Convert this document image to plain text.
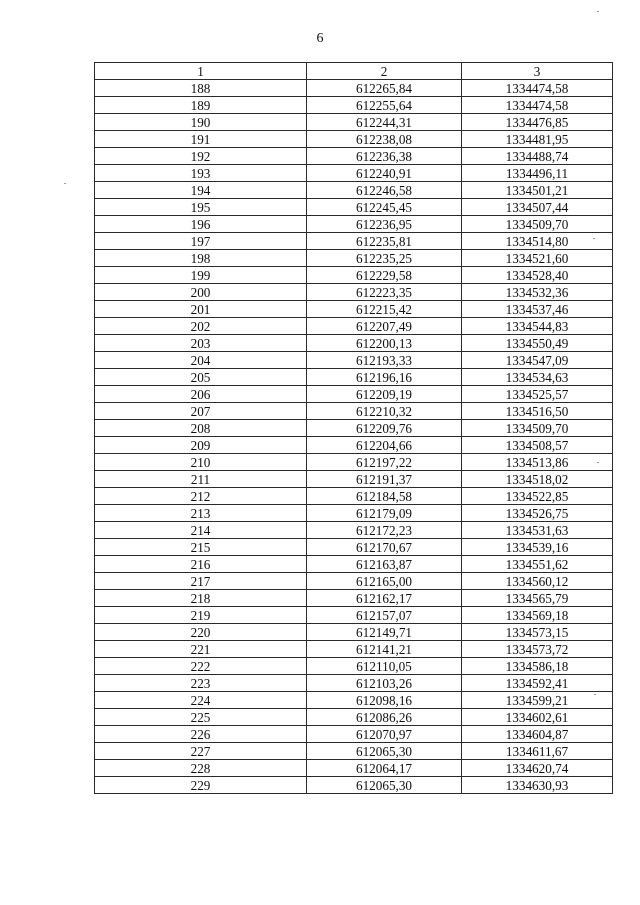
6
1	2	3
188	612265,84	1334474,58
189	612255,64	1334474,58
190	612244,31	1334476,85
191	612238,08	1334481,95
192	612236,38	1334488,74
193	612240,91	1334496,11
194	612246,58	1334501,21
195	612245,45	1334507,44
196	612236,95	1334509,70
197	612235,81	1334514,80
198	612235,25	1334521,60
199	612229,58	1334528,40
200	612223,35	1334532,36
201	612215,42	1334537,46
202	612207,49	1334544,83
203	612200,13	1334550,49
204	612193,33	1334547,09
205	612196,16	1334534,63
206	612209,19	1334525,57
207	612210,32	1334516,50
208	612209,76	1334509,70
209	612204,66	1334508,57
210	612197,22	1334513,86
211	612191,37	1334518,02
212	612184,58	1334522,85
213	612179,09	1334526,75
214	612172,23	1334531,63
215	612170,67	1334539,16
216	612163,87	1334551,62
217	612165,00	1334560,12
218	612162,17	1334565,79
219	612157,07	1334569,18
220	612149,71	1334573,15
221	612141,21	1334573,72
222	612110,05	1334586,18
223	612103,26	1334592,41
224	612098,16	1334599,21
225	612086,26	1334602,61
226	612070,97	1334604,87
227	612065,30	1334611,67
228	612064,17	1334620,74
229	612065,30	1334630,93
